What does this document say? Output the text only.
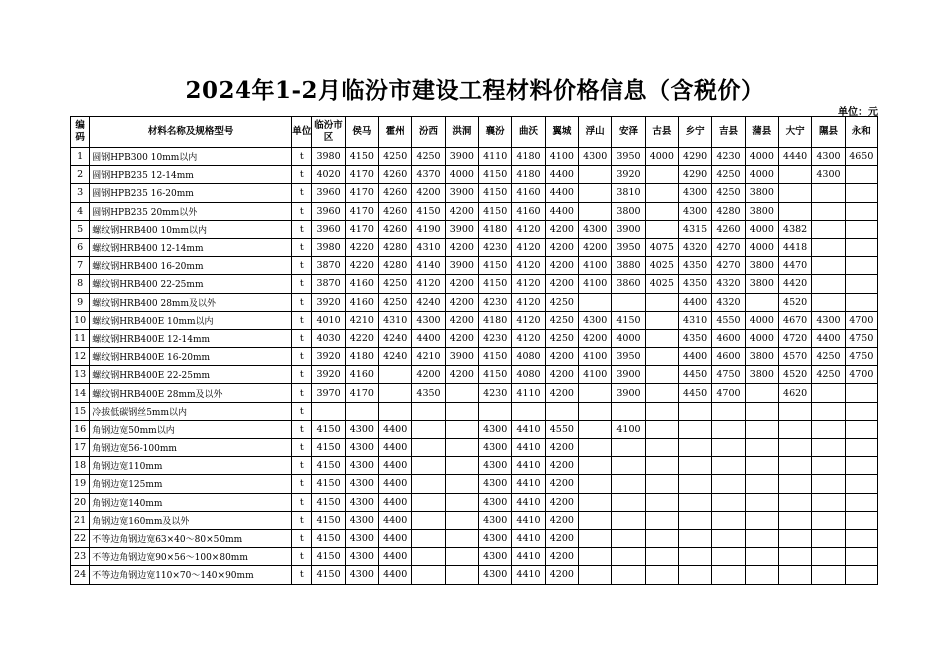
2024年1-2月临汾市建设工程材料价格信息（含税价）
单位：元
编码	材料名称及规格型号	单位	临汾市区	侯马	霍州	汾西	洪洞	襄汾	曲沃	翼城	浮山	安泽	古县	乡宁	吉县	蒲县	大宁	隰县	永和
1	圆钢HPB300 10mm以内	t	3980	4150	4250	4250	3900	4110	4180	4100	4300	3950	4000	4290	4230	4000	4440	4300	4650
2	圆钢HPB235 12-14mm	t	4020	4170	4260	4370	4000	4150	4180	4400		3920		4290	4250	4000		4300	
3	圆钢HPB235 16-20mm	t	3960	4170	4260	4200	3900	4150	4160	4400		3810		4300	4250	3800			
4	圆钢HPB235 20mm以外	t	3960	4170	4260	4150	4200	4150	4160	4400		3800		4300	4280	3800			
5	螺纹钢HRB400 10mm以内	t	3960	4170	4260	4190	3900	4180	4120	4200	4300	3900		4315	4260	4000	4382		
6	螺纹钢HRB400 12-14mm	t	3980	4220	4280	4310	4200	4230	4120	4200	4200	3950	4075	4320	4270	4000	4418		
7	螺纹钢HRB400 16-20mm	t	3870	4220	4280	4140	3900	4150	4120	4200	4100	3880	4025	4350	4270	3800	4470		
8	螺纹钢HRB400 22-25mm	t	3870	4160	4250	4120	4200	4150	4120	4200	4100	3860	4025	4350	4320	3800	4420		
9	螺纹钢HRB400 28mm及以外	t	3920	4160	4250	4240	4200	4230	4120	4250				4400	4320		4520		
10	螺纹钢HRB400E 10mm以内	t	4010	4210	4310	4300	4200	4180	4120	4250	4300	4150		4310	4550	4000	4670	4300	4700
11	螺纹钢HRB400E 12-14mm	t	4030	4220	4240	4400	4200	4230	4120	4250	4200	4000		4350	4600	4000	4720	4400	4750
12	螺纹钢HRB400E 16-20mm	t	3920	4180	4240	4210	3900	4150	4080	4200	4100	3950		4400	4600	3800	4570	4250	4750
13	螺纹钢HRB400E 22-25mm	t	3920	4160		4200	4200	4150	4080	4200	4100	3900		4450	4750	3800	4520	4250	4700
14	螺纹钢HRB400E 28mm及以外	t	3970	4170		4350		4230	4110	4200		3900		4450	4700		4620		
15	冷拔低碳钢丝5mm以内	t																	
16	角钢边宽50mm以内	t	4150	4300	4400			4300	4410	4550		4100							
17	角钢边宽56-100mm	t	4150	4300	4400			4300	4410	4200									
18	角钢边宽110mm	t	4150	4300	4400			4300	4410	4200									
19	角钢边宽125mm	t	4150	4300	4400			4300	4410	4200									
20	角钢边宽140mm	t	4150	4300	4400			4300	4410	4200									
21	角钢边宽160mm及以外	t	4150	4300	4400			4300	4410	4200									
22	不等边角钢边宽63×40～80×50mm	t	4150	4300	4400			4300	4410	4200									
23	不等边角钢边宽90×56～100×80mm	t	4150	4300	4400			4300	4410	4200									
24	不等边角钢边宽110×70～140×90mm	t	4150	4300	4400			4300	4410	4200									
